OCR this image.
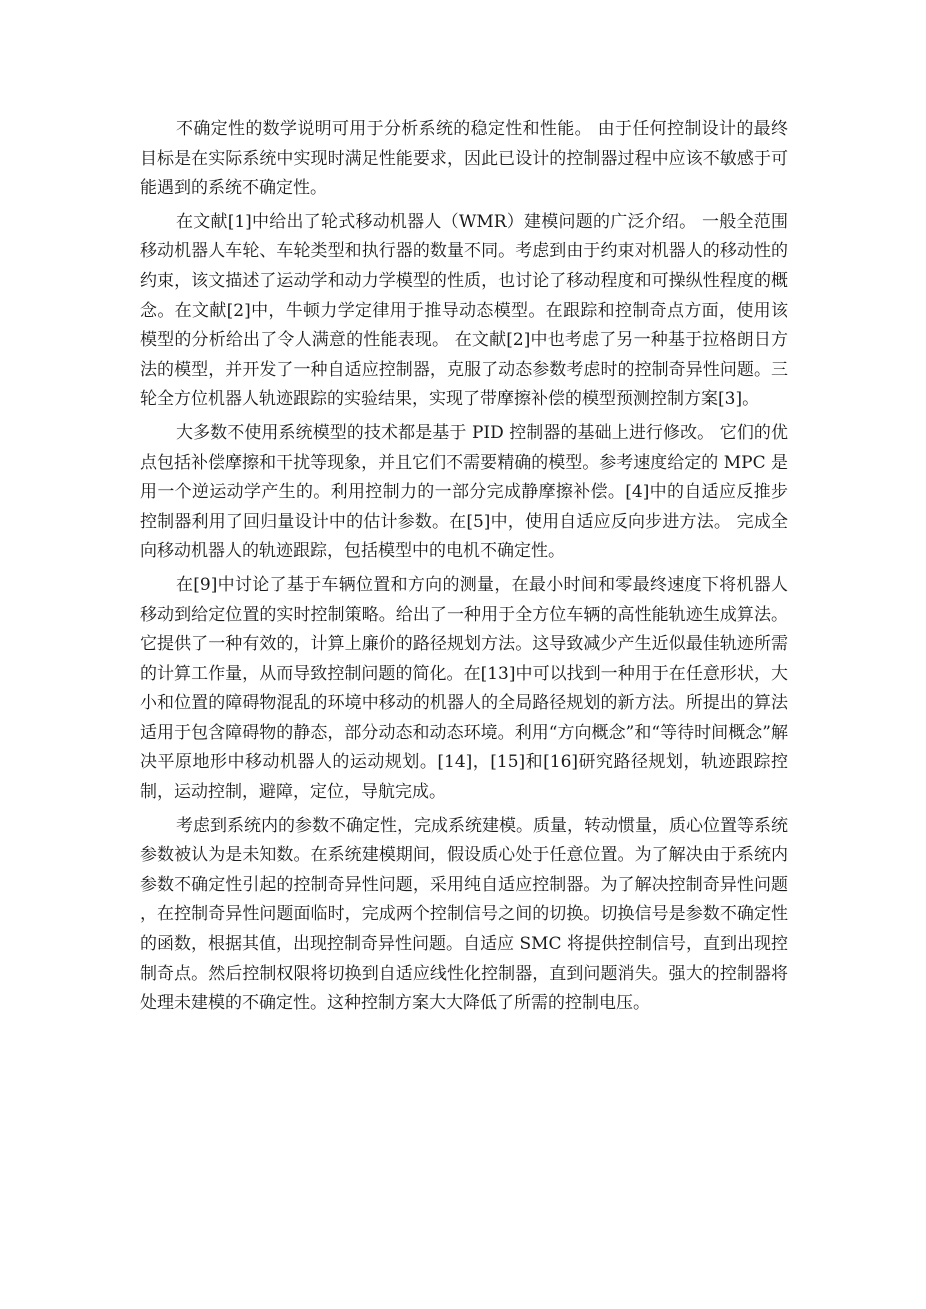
不确定性的数学说明可用于分析系统的稳定性和性能。 由于任何控制设计的最终目标是在实际系统中实现时满足性能要求，因此已设计的控制器过程中应该不敏感于可能遇到的系统不确定性。

在文献[1]中给出了轮式移动机器人（WMR）建模问题的广泛介绍。 一般全范围移动机器人车轮、车轮类型和执行器的数量不同。考虑到由于约束对机器人的移动性的约束，该文描述了运动学和动力学模型的性质，也讨论了移动程度和可操纵性程度的概念。在文献[2]中，牛顿力学定律用于推导动态模型。在跟踪和控制奇点方面，使用该模型的分析给出了令人满意的性能表现。 在文献[2]中也考虑了另一种基于拉格朗日方法的模型，并开发了一种自适应控制器，克服了动态参数考虑时的控制奇异性问题。三轮全方位机器人轨迹跟踪的实验结果，实现了带摩擦补偿的模型预测控制方案[3]。

大多数不使用系统模型的技术都是基于 PID 控制器的基础上进行修改。 它们的优点包括补偿摩擦和干扰等现象，并且它们不需要精确的模型。参考速度给定的 MPC 是用一个逆运动学产生的。利用控制力的一部分完成静摩擦补偿。[4]中的自适应反推步控制器利用了回归量设计中的估计参数。在[5]中，使用自适应反向步进方法。 完成全向移动机器人的轨迹跟踪，包括模型中的电机不确定性。

在[9]中讨论了基于车辆位置和方向的测量，在最小时间和零最终速度下将机器人移动到给定位置的实时控制策略。给出了一种用于全方位车辆的高性能轨迹生成算法。它提供了一种有效的，计算上廉价的路径规划方法。这导致减少产生近似最佳轨迹所需的计算工作量，从而导致控制问题的简化。在[13]中可以找到一种用于在任意形状，大小和位置的障碍物混乱的环境中移动的机器人的全局路径规划的新方法。所提出的算法适用于包含障碍物的静态，部分动态和动态环境。利用“方向概念”和“等待时间概念”解决平原地形中移动机器人的运动规划。[14]，[15]和[16]研究路径规划，轨迹跟踪控制，运动控制，避障，定位，导航完成。

考虑到系统内的参数不确定性，完成系统建模。质量，转动惯量，质心位置等系统参数被认为是未知数。在系统建模期间，假设质心处于任意位置。为了解决由于系统内参数不确定性引起的控制奇异性问题，采用纯自适应控制器。为了解决控制奇异性问题，在控制奇异性问题面临时，完成两个控制信号之间的切换。切换信号是参数不确定性的函数，根据其值，出现控制奇异性问题。自适应 SMC 将提供控制信号，直到出现控制奇点。然后控制权限将切换到自适应线性化控制器，直到问题消失。强大的控制器将处理未建模的不确定性。这种控制方案大大降低了所需的控制电压。
